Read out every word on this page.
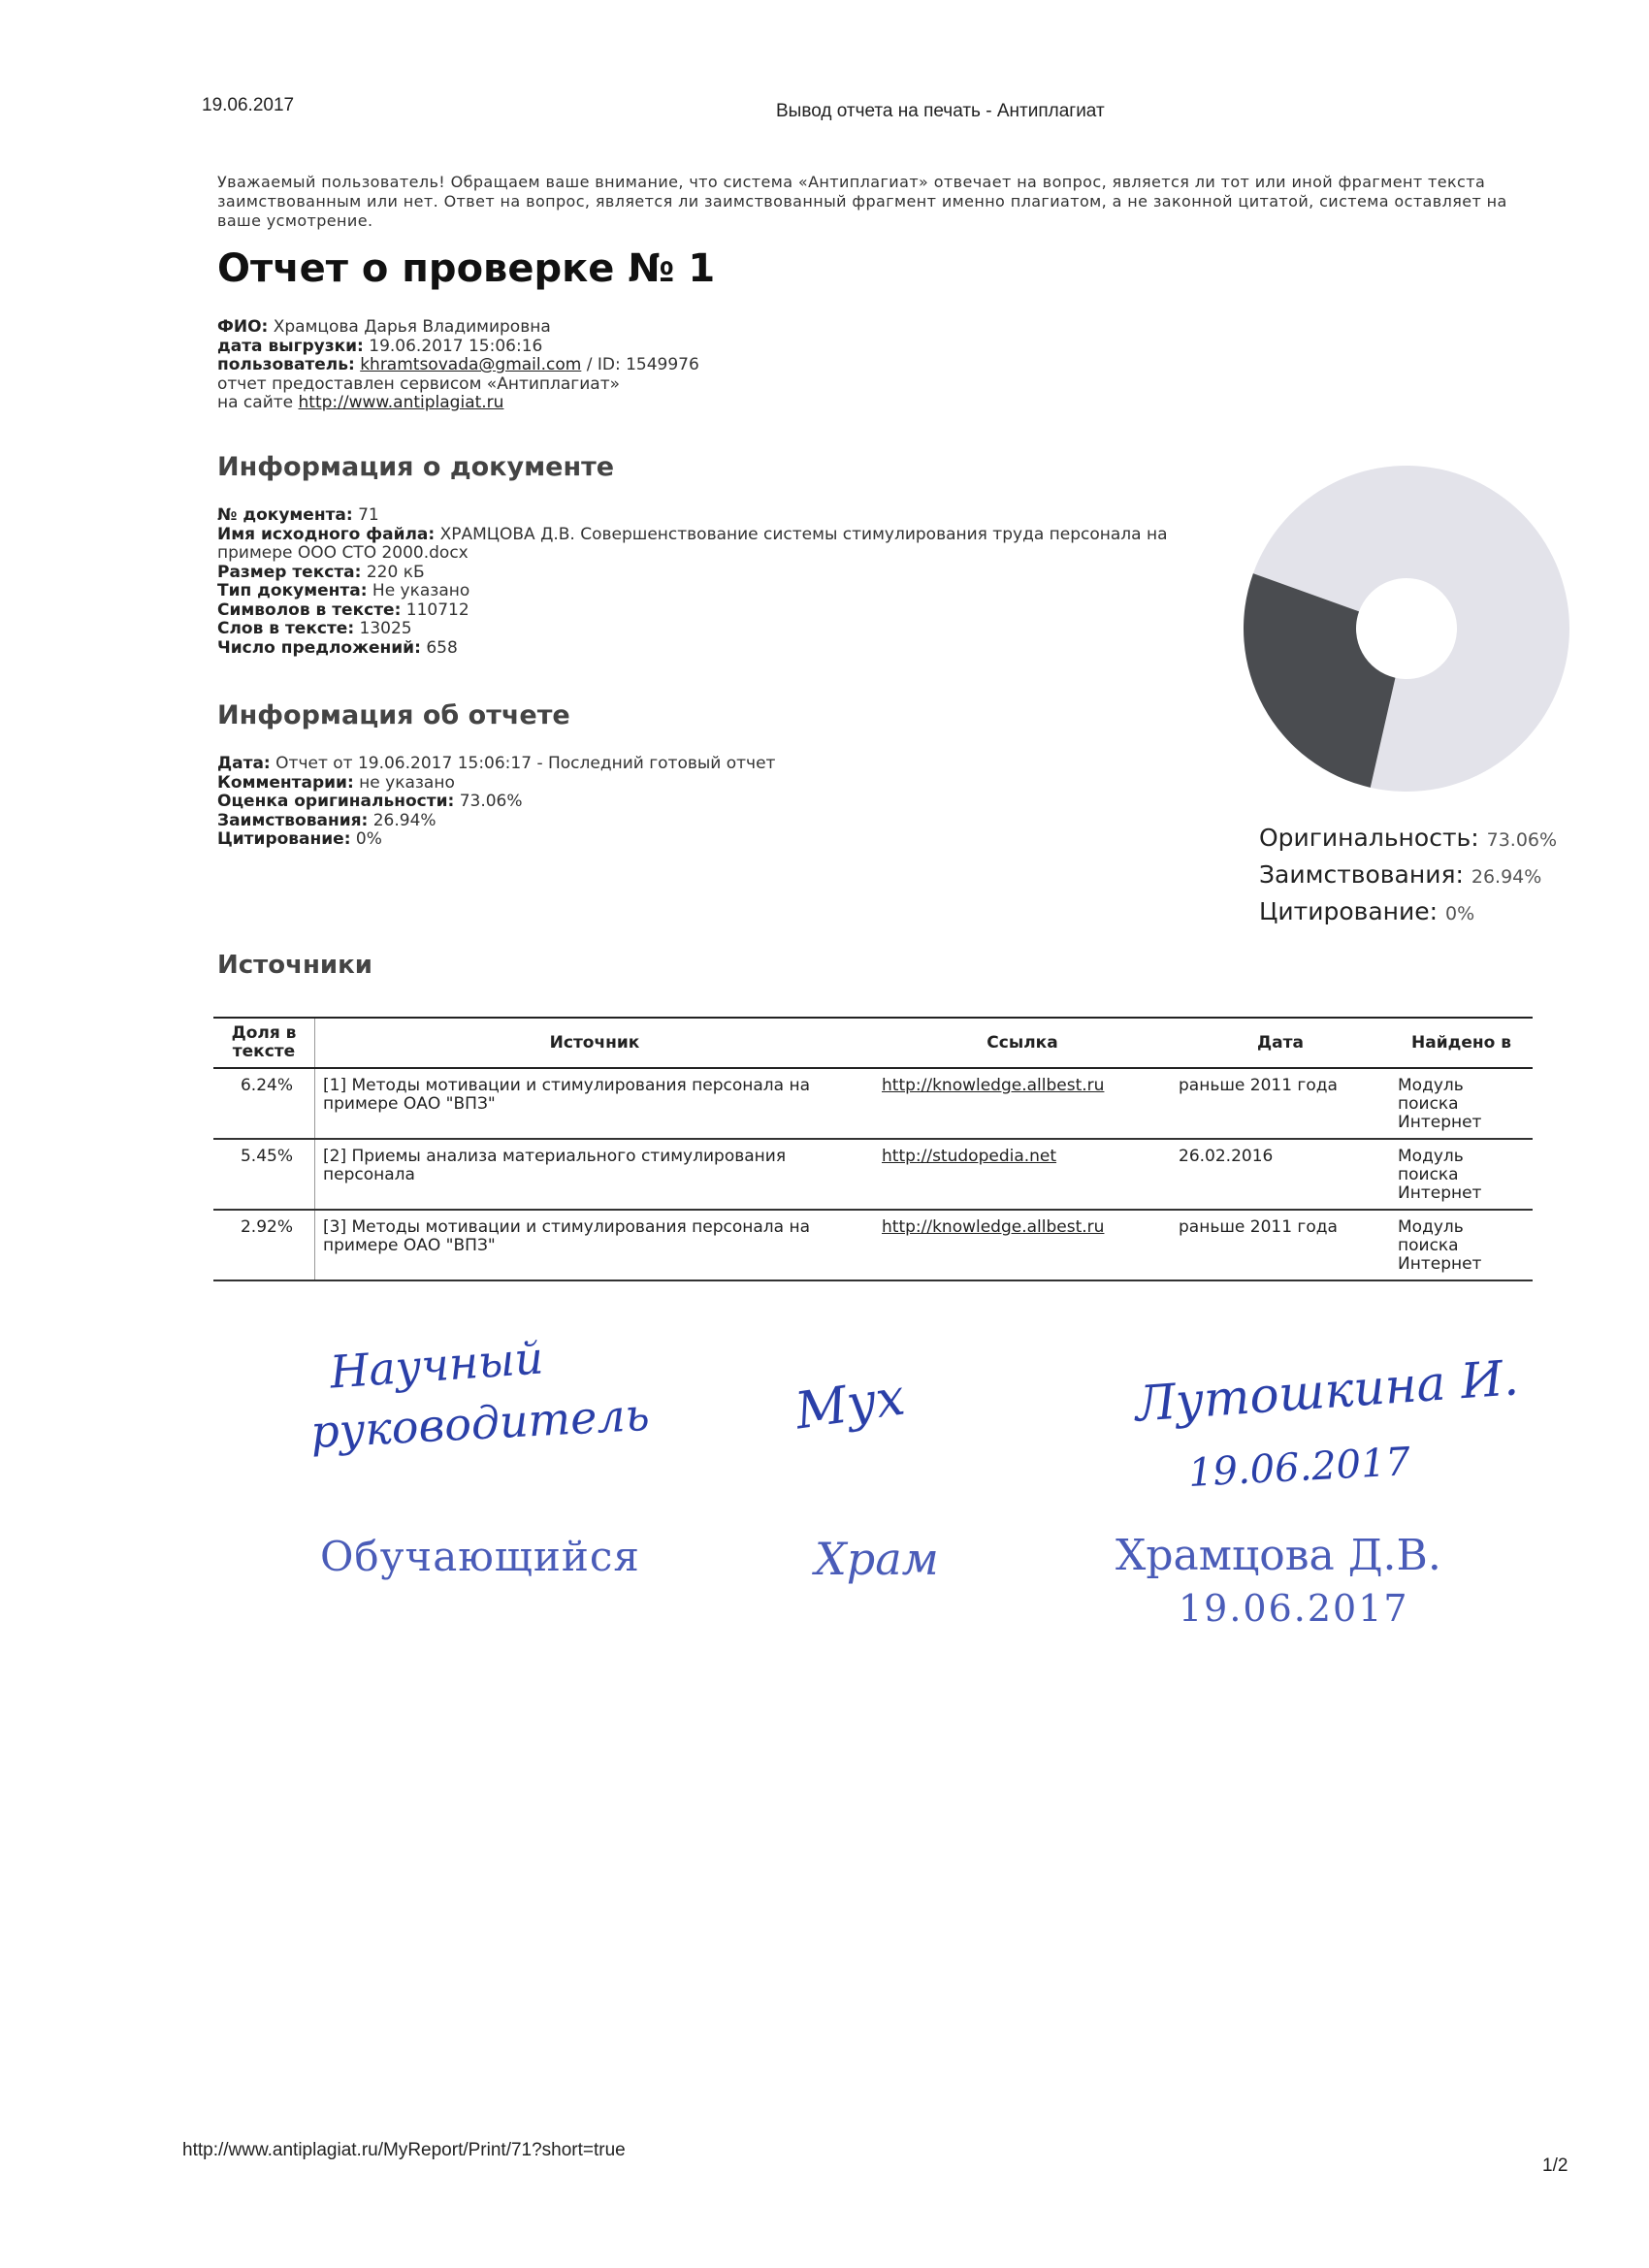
19.06.2017	Вывод отчета на печать - Антиплагиат
Уважаемый пользователь! Обращаем ваше внимание, что система «Антиплагиат» отвечает на вопрос, является ли тот или иной фрагмент текста заимствованным или нет. Ответ на вопрос, является ли заимствованный фрагмент именно плагиатом, а не законной цитатой, система оставляет на ваше усмотрение.
Отчет о проверке № 1
ФИО: Храмцова Дарья Владимировна
дата выгрузки: 19.06.2017 15:06:16
пользователь: khramtsovada@gmail.com / ID: 1549976
отчет предоставлен сервисом «Антиплагиат»
на сайте http://www.antiplagiat.ru
Информация о документе
№ документа: 71
Имя исходного файла: ХРАМЦОВА Д.В. Совершенствование системы стимулирования труда персонала на примере ООО СТО 2000.docx
Размер текста: 220 кБ
Тип документа: Не указано
Символов в тексте: 110712
Слов в тексте: 13025
Число предложений: 658
Информация об отчете
Дата: Отчет от 19.06.2017 15:06:17 - Последний готовый отчет
Комментарии: не указано
Оценка оригинальности: 73.06%
Заимствования: 26.94%
Цитирование: 0%	Оригинальность: 73.06%
Заимствования: 26.94%
Цитирование: 0%
Источники
Доля в тексте	Источник	Ссылка	Дата	Найдено в
6.24%	[1] Методы мотивации и стимулирования персонала на примере ОАО "ВПЗ"	http://knowledge.allbest.ru	раньше 2011 года	Модуль поиска Интернет
5.45%	[2] Приемы анализа материального стимулирования персонала	http://studopedia.net	26.02.2016	Модуль поиска Интернет
2.92%	[3] Методы мотивации и стимулирования персонала на примере ОАО "ВПЗ"	http://knowledge.allbest.ru	раньше 2011 года	Модуль поиска Интернет
Научный
руководитель	Мух	Лутошкина И.
19.06.2017
Обучающийся	Храм	Храмцова Д.В.
19.06.2017
http://www.antiplagiat.ru/MyReport/Print/71?short=true
1/2
